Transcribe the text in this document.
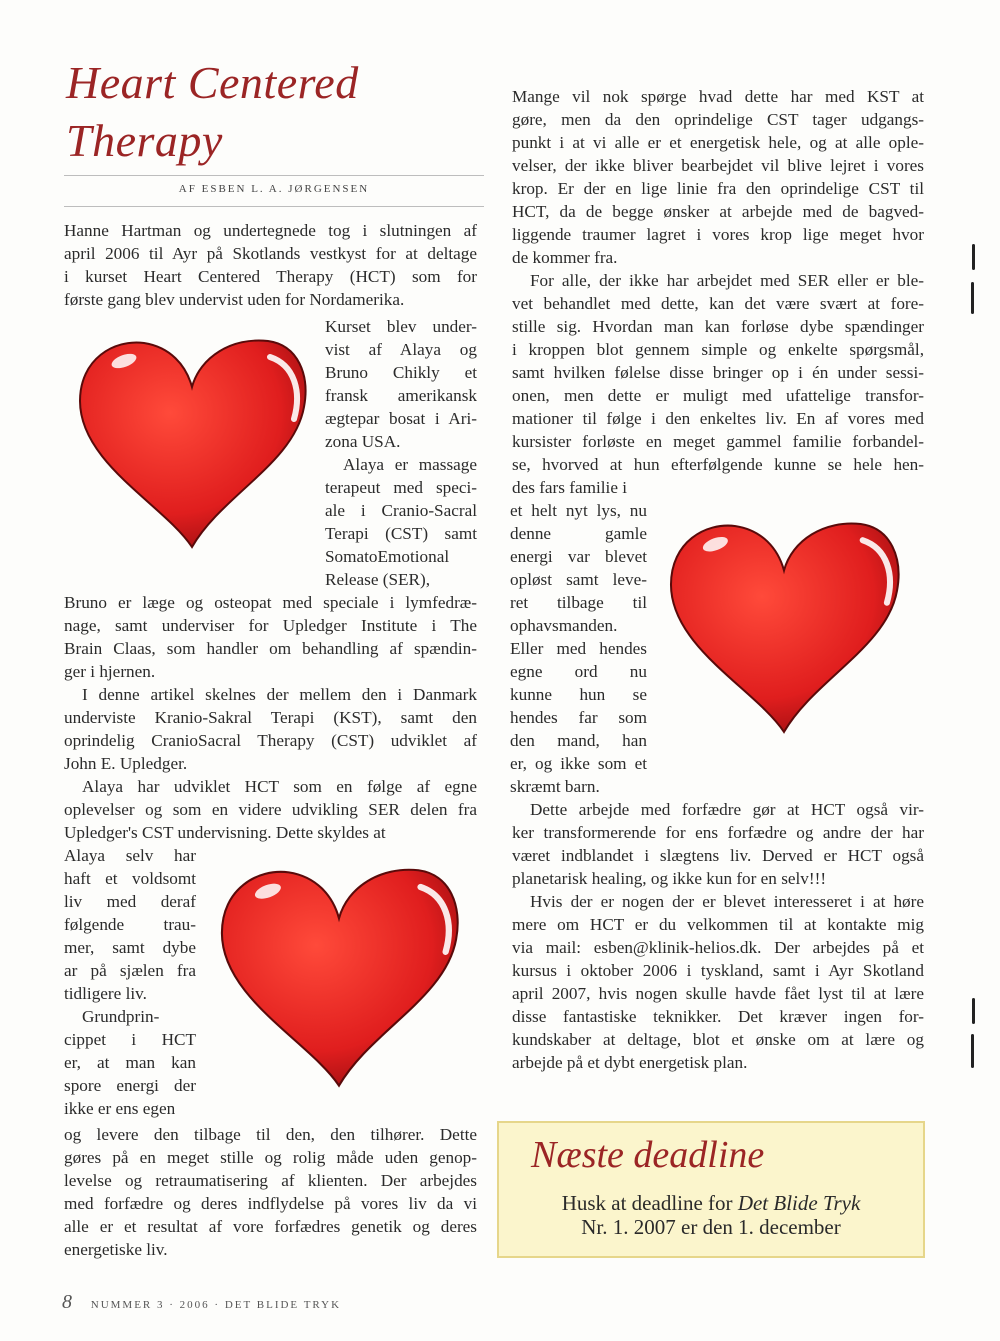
Heart Centered
Therapy
AF ESBEN L. A. JØRGENSEN
Hanne Hartman og undertegnede tog i slutningen af
april 2006 til Ayr på Skotlands vestkyst for at deltage
i kurset Heart Centered Therapy (HCT) som for
første gang blev undervist uden for Nordamerika.
Kurset blev under-
vist af Alaya og
Bruno Chikly et
fransk amerikansk
ægtepar bosat i Ari-
zona USA.
Alaya er massage
terapeut med speci-
ale i Cranio-Sacral
Terapi (CST) samt
SomatoEmotional
Release (SER),
Bruno er læge og osteopat med speciale i lymfedræ-
nage, samt underviser for Upledger Institute i The
Brain Claas, som handler om behandling af spændin-
ger i hjernen.
I denne artikel skelnes der mellem den i Danmark
underviste Kranio-Sakral Terapi (KST), samt den
oprindelig CranioSacral Therapy (CST) udviklet af
John E. Upledger.
Alaya har udviklet HCT som en følge af egne
oplevelser og som en videre udvikling SER delen fra
Upledger's CST undervisning. Dette skyldes at
Alaya selv har
haft et voldsomt
liv med deraf
følgende trau-
mer, samt dybe
ar på sjælen fra
tidligere liv.
Grundprin-
cippet i HCT
er, at man kan
spore energi der
ikke er ens egen
og levere den tilbage til den, den tilhører. Dette
gøres på en meget stille og rolig måde uden genop-
levelse og retraumatisering af klienten. Der arbejdes
med forfædre og deres indflydelse på vores liv da vi
alle er et resultat af vore forfædres genetik og deres
energetiske liv.
Mange vil nok spørge hvad dette har med KST at
gøre, men da den oprindelige CST tager udgangs-
punkt i at vi alle er et energetisk hele, og at alle ople-
velser, der ikke bliver bearbejdet vil blive lejret i vores
krop. Er der en lige linie fra den oprindelige CST til
HCT, da de begge ønsker at arbejde med de bagved-
liggende traumer lagret i vores krop lige meget hvor
de kommer fra.
For alle, der ikke har arbejdet med SER eller er ble-
vet behandlet med dette, kan det være svært at fore-
stille sig. Hvordan man kan forløse dybe spændinger
i kroppen blot gennem simple og enkelte spørgsmål,
samt hvilken følelse disse bringer op i én under sessi-
onen, men dette er muligt med ufattelige transfor-
mationer til følge i den enkeltes liv. En af vores med
kursister forløste en meget gammel familie forbandel-
se, hvorved at hun efterfølgende kunne se hele hen-
des fars familie i
et helt nyt lys, nu
denne gamle
energi var blevet
opløst samt leve-
ret tilbage til
ophavsmanden.
Eller med hendes
egne ord nu
kunne hun se
hendes far som
den mand, han
er, og ikke som et
skræmt barn.
Dette arbejde med forfædre gør at HCT også vir-
ker transformerende for ens forfædre og andre der har
været indblandet i slægtens liv. Derved er HCT også
planetarisk healing, og ikke kun for en selv!!!
Hvis der er nogen der er blevet interesseret i at høre
mere om HCT er du velkommen til at kontakte mig
via mail: esben@klinik-helios.dk. Der arbejdes på et
kursus i oktober 2006 i tyskland, samt i Ayr Skotland
april 2007, hvis nogen skulle havde fået lyst til at lære
disse fantastiske teknikker. Det kræver ingen for-
kundskaber at deltage, blot et ønske om at lære og
arbejde på et dybt energetisk plan.
Næste deadline
Husk at deadline for Det Blide Tryk
Nr. 1. 2007 er den 1. december
8 NUMMER 3 · 2006 · DET BLIDE TRYK
